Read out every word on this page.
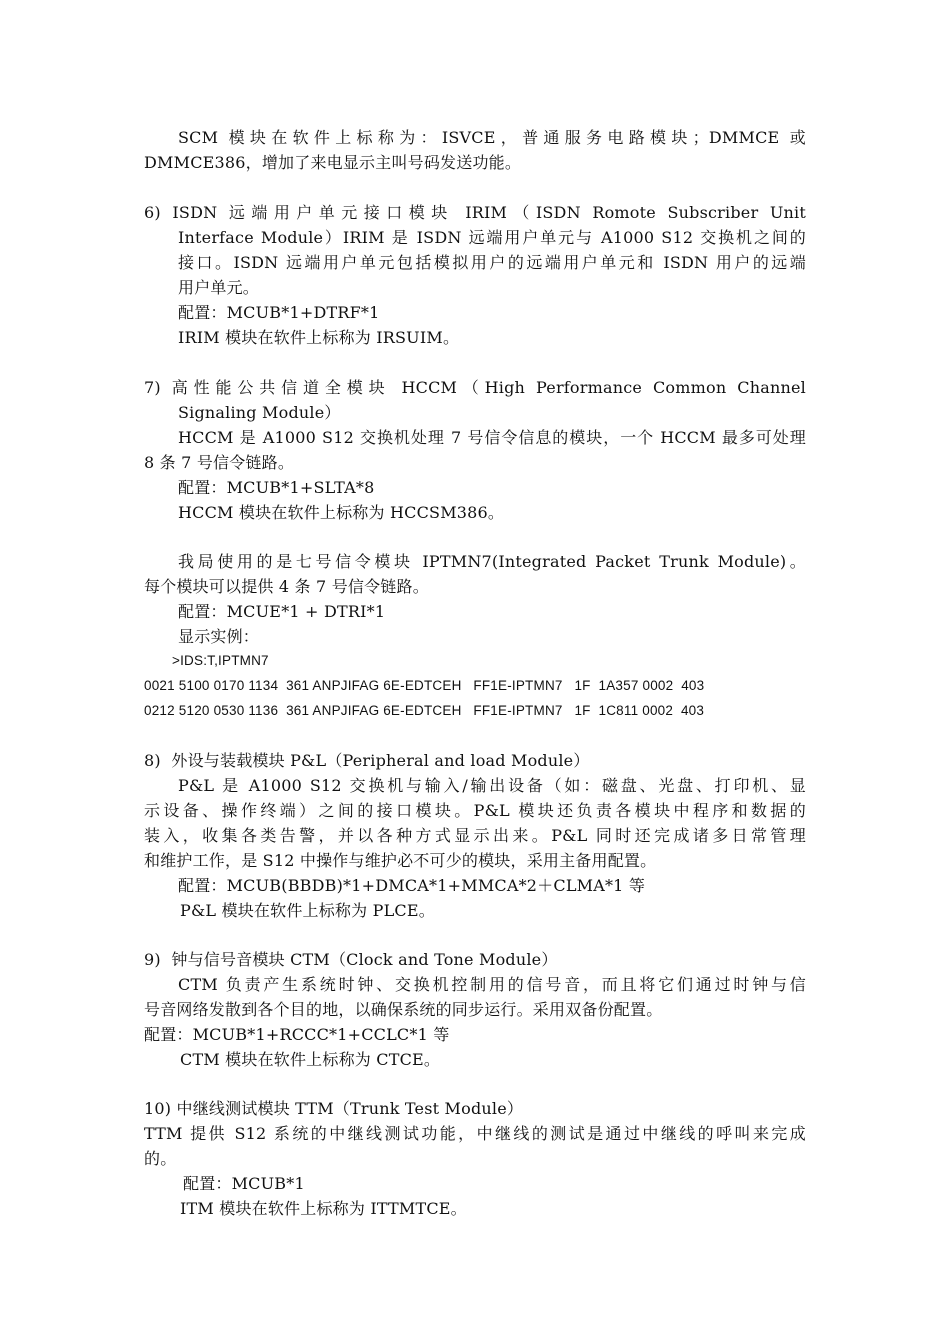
SCM 模块在软件上标称为：ISVCE，普通服务电路模块；DMMCE 或
DMMCE386，增加了来电显示主叫号码发送功能。
6) ISDN 远端用户单元接口模块 IRIM（ISDN Romote Subscriber Unit
Interface Module）IRIM 是 ISDN 远端用户单元与 A1000 S12 交换机之间的
接口。ISDN 远端用户单元包括模拟用户的远端用户单元和 ISDN 用户的远端
用户单元。
配置：MCUB*1+DTRF*1
IRIM 模块在软件上标称为 IRSUIM。
7) 高性能公共信道全模块 HCCM（High Performance Common Channel
Signaling Module）
HCCM 是 A1000 S12 交换机处理 7 号信令信息的模块，一个 HCCM 最多可处理
8 条 7 号信令链路。
配置：MCUB*1+SLTA*8
HCCM 模块在软件上标称为 HCCSM386。
我局使用的是七号信令模块 IPTMN7(Integrated Packet Trunk Module)。
每个模块可以提供 4 条 7 号信令链路。
配置：MCUE*1 + DTRI*1
显示实例：
>IDS:T,IPTMN7
0021 5100 0170 1134  361 ANPJIFAG 6E-EDTCEH   FF1E-IPTMN7   1F  1A357 0002  403
0212 5120 0530 1136  361 ANPJIFAG 6E-EDTCEH   FF1E-IPTMN7   1F  1C811 0002  403
8)  外设与装载模块 P&L（Peripheral and load Module）
P&L 是 A1000 S12 交换机与输入/输出设备（如：磁盘、光盘、打印机、显
示设备、操作终端）之间的接口模块。P&L 模块还负责各模块中程序和数据的
装入，收集各类告警，并以各种方式显示出来。P&L 同时还完成诸多日常管理
和维护工作，是 S12 中操作与维护必不可少的模块，采用主备用配置。
配置：MCUB(BBDB)*1+DMCA*1+MMCA*2＋CLMA*1 等
P&L 模块在软件上标称为 PLCE。
9)  钟与信号音模块 CTM（Clock and Tone Module）
CTM 负责产生系统时钟、交换机控制用的信号音，而且将它们通过时钟与信
号音网络发散到各个目的地，以确保系统的同步运行。采用双备份配置。
配置：MCUB*1+RCCC*1+CCLC*1 等
CTM 模块在软件上标称为 CTCE。
10) 中继线测试模块 TTM（Trunk Test Module）
TTM 提供 S12 系统的中继线测试功能，中继线的测试是通过中继线的呼叫来完成
的。
配置：MCUB*1
ITM 模块在软件上标称为 ITTMTCE。
